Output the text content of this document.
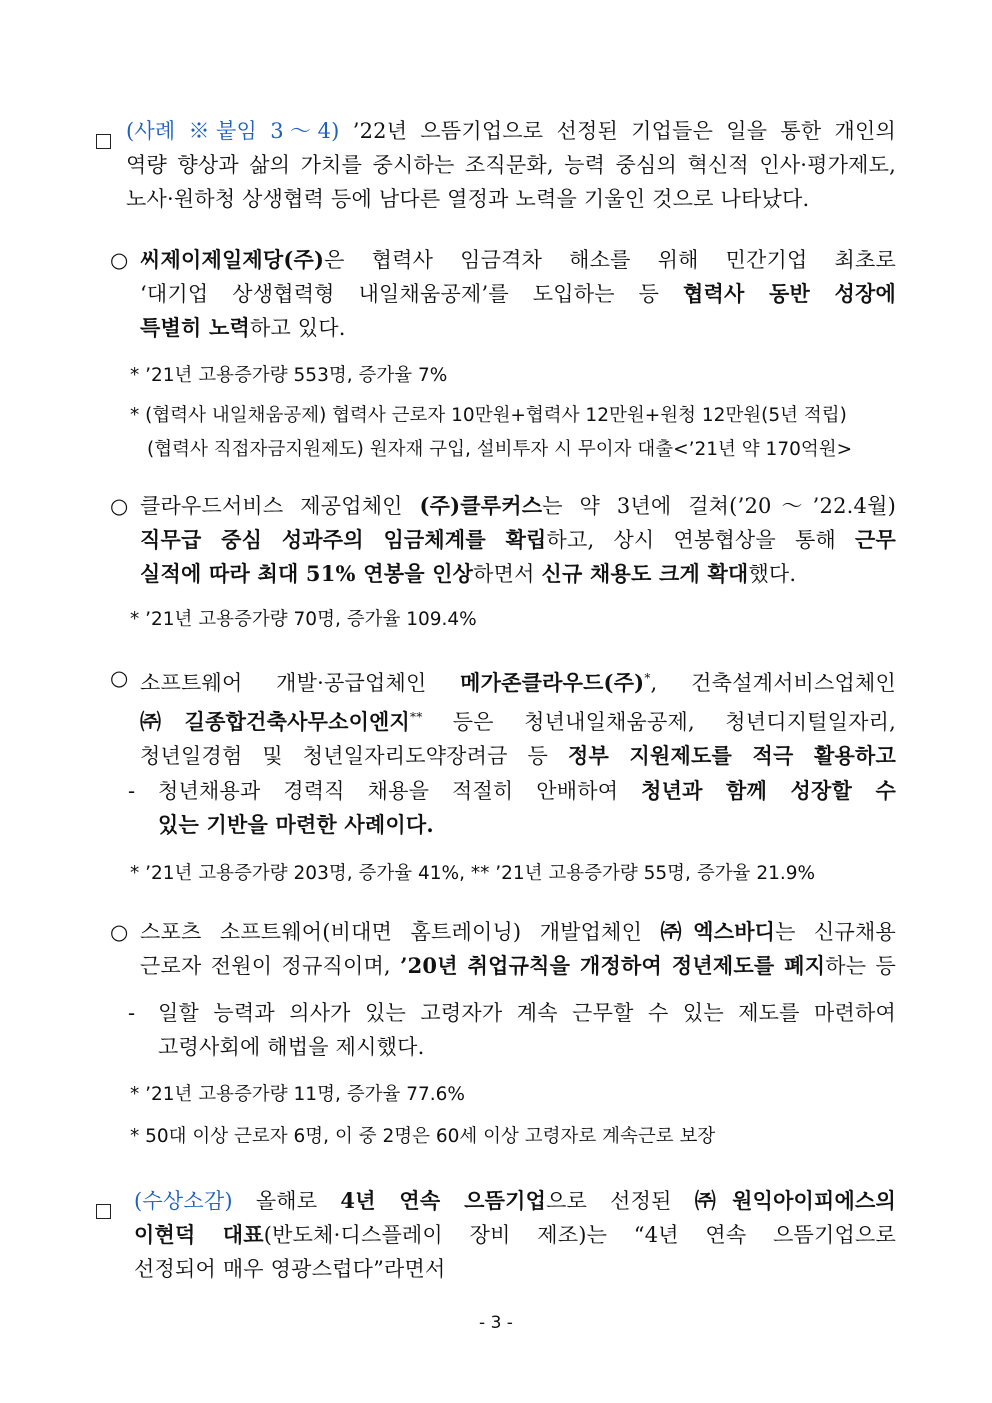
(사례 ※붙임 3～4) ’22년 으뜸기업으로 선정된 기업들은 일을 통한 개인의
역량 향상과 삶의 가치를 중시하는 조직문화, 능력 중심의 혁신적 인사·평가제도,
노사·원하청 상생협력 등에 남다른 열정과 노력을 기울인 것으로 나타났다.
○ 씨제이제일제당(주)은 협력사 임금격차 해소를 위해 민간기업 최초로
‘대기업 상생협력형 내일채움공제’를 도입하는 등 협력사 동반 성장에
특별히 노력하고 있다.
* ’21년 고용증가량 553명, 증가율 7%
* (협력사 내일채움공제) 협력사 근로자 10만원+협력사 12만원+원청 12만원(5년 적립)
(협력사 직접자금지원제도) 원자재 구입, 설비투자 시 무이자 대출<’21년 약 170억원>
○ 클라우드서비스 제공업체인 (주)클루커스는 약 3년에 걸쳐(’20～’22.4월)
직무급 중심 성과주의 임금체계를 확립하고, 상시 연봉협상을 통해 근무
실적에 따라 최대 51% 연봉을 인상하면서 신규 채용도 크게 확대했다.
* ’21년 고용증가량 70명, 증가율 109.4%
○ 소프트웨어 개발·공급업체인 메가존클라우드(주)*, 건축설계서비스업체인
㈜길종합건축사무소이엔지** 등은 청년내일채움공제, 청년디지털일자리,
청년일경험 및 청년일자리도약장려금 등 정부 지원제도를 적극 활용하고
- 청년채용과 경력직 채용을 적절히 안배하여 청년과 함께 성장할 수
있는 기반을 마련한 사례이다.
* ’21년 고용증가량 203명, 증가율 41%, ** ’21년 고용증가량 55명, 증가율 21.9%
○ 스포츠 소프트웨어(비대면 홈트레이닝) 개발업체인 ㈜엑스바디는 신규채용
근로자 전원이 정규직이며, ’20년 취업규칙을 개정하여 정년제도를 폐지하는 등
- 일할 능력과 의사가 있는 고령자가 계속 근무할 수 있는 제도를 마련하여
고령사회에 해법을 제시했다.
* ’21년 고용증가량 11명, 증가율 77.6%
* 50대 이상 근로자 6명, 이 중 2명은 60세 이상 고령자로 계속근로 보장
(수상소감) 올해로 4년 연속 으뜸기업으로 선정된 ㈜원익아이피에스의
이현덕 대표(반도체·디스플레이 장비 제조)는 “4년 연속 으뜸기업으로
선정되어 매우 영광스럽다”라면서
- 3 -
